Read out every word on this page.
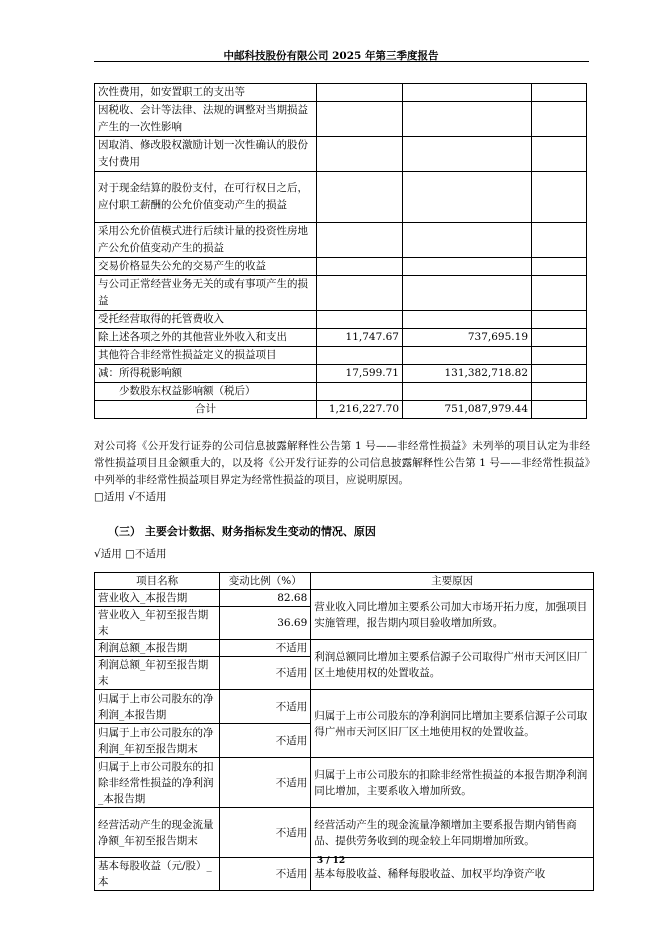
中邮科技股份有限公司 2025 年第三季度报告
次性费用，如安置职工的支出等			
因税收、会计等法律、法规的调整对当期损益产生的一次性影响			
因取消、修改股权激励计划一次性确认的股份支付费用			
对于现金结算的股份支付，在可行权日之后，应付职工薪酬的公允价值变动产生的损益			
采用公允价值模式进行后续计量的投资性房地产公允价值变动产生的损益			
交易价格显失公允的交易产生的收益			
与公司正常经营业务无关的或有事项产生的损益			
受托经营取得的托管费收入			
除上述各项之外的其他营业外收入和支出	11,747.67	737,695.19	
其他符合非经常性损益定义的损益项目			
减：所得税影响额	17,599.71	131,382,718.82	
少数股东权益影响额（税后）			
合计	1,216,227.70	751,087,979.44	
对公司将《公开发行证券的公司信息披露解释性公告第 1 号——非经常性损益》未列举的项目认定为非经常性损益项目且金额重大的，以及将《公开发行证券的公司信息披露解释性公告第 1 号——非经常性损益》中列举的非经常性损益项目界定为经常性损益的项目，应说明原因。
□适用 √不适用
（三） 主要会计数据、财务指标发生变动的情况、原因
√适用 □不适用
项目名称	变动比例（%）	主要原因
营业收入_本报告期	82.68	营业收入同比增加主要系公司加大市场开拓力度，加强项目实施管理，报告期内项目验收增加所致。
营业收入_年初至报告期末	36.69	
利润总额_本报告期	不适用	利润总额同比增加主要系信源子公司取得广州市天河区旧厂区土地使用权的处置收益。
利润总额_年初至报告期末	不适用	
归属于上市公司股东的净利润_本报告期	不适用	归属于上市公司股东的净利润同比增加主要系信源子公司取得广州市天河区旧厂区土地使用权的处置收益。
归属于上市公司股东的净利润_年初至报告期末	不适用	
归属于上市公司股东的扣除非经常性损益的净利润_本报告期	不适用	归属于上市公司股东的扣除非经常性损益的本报告期净利润同比增加，主要系收入增加所致。
经营活动产生的现金流量净额_年初至报告期末	不适用	经营活动产生的现金流量净额增加主要系报告期内销售商品、提供劳务收到的现金较上年同期增加所致。
基本每股收益（元/股）_本	不适用	基本每股收益、稀释每股收益、加权平均净资产收
3 / 12
